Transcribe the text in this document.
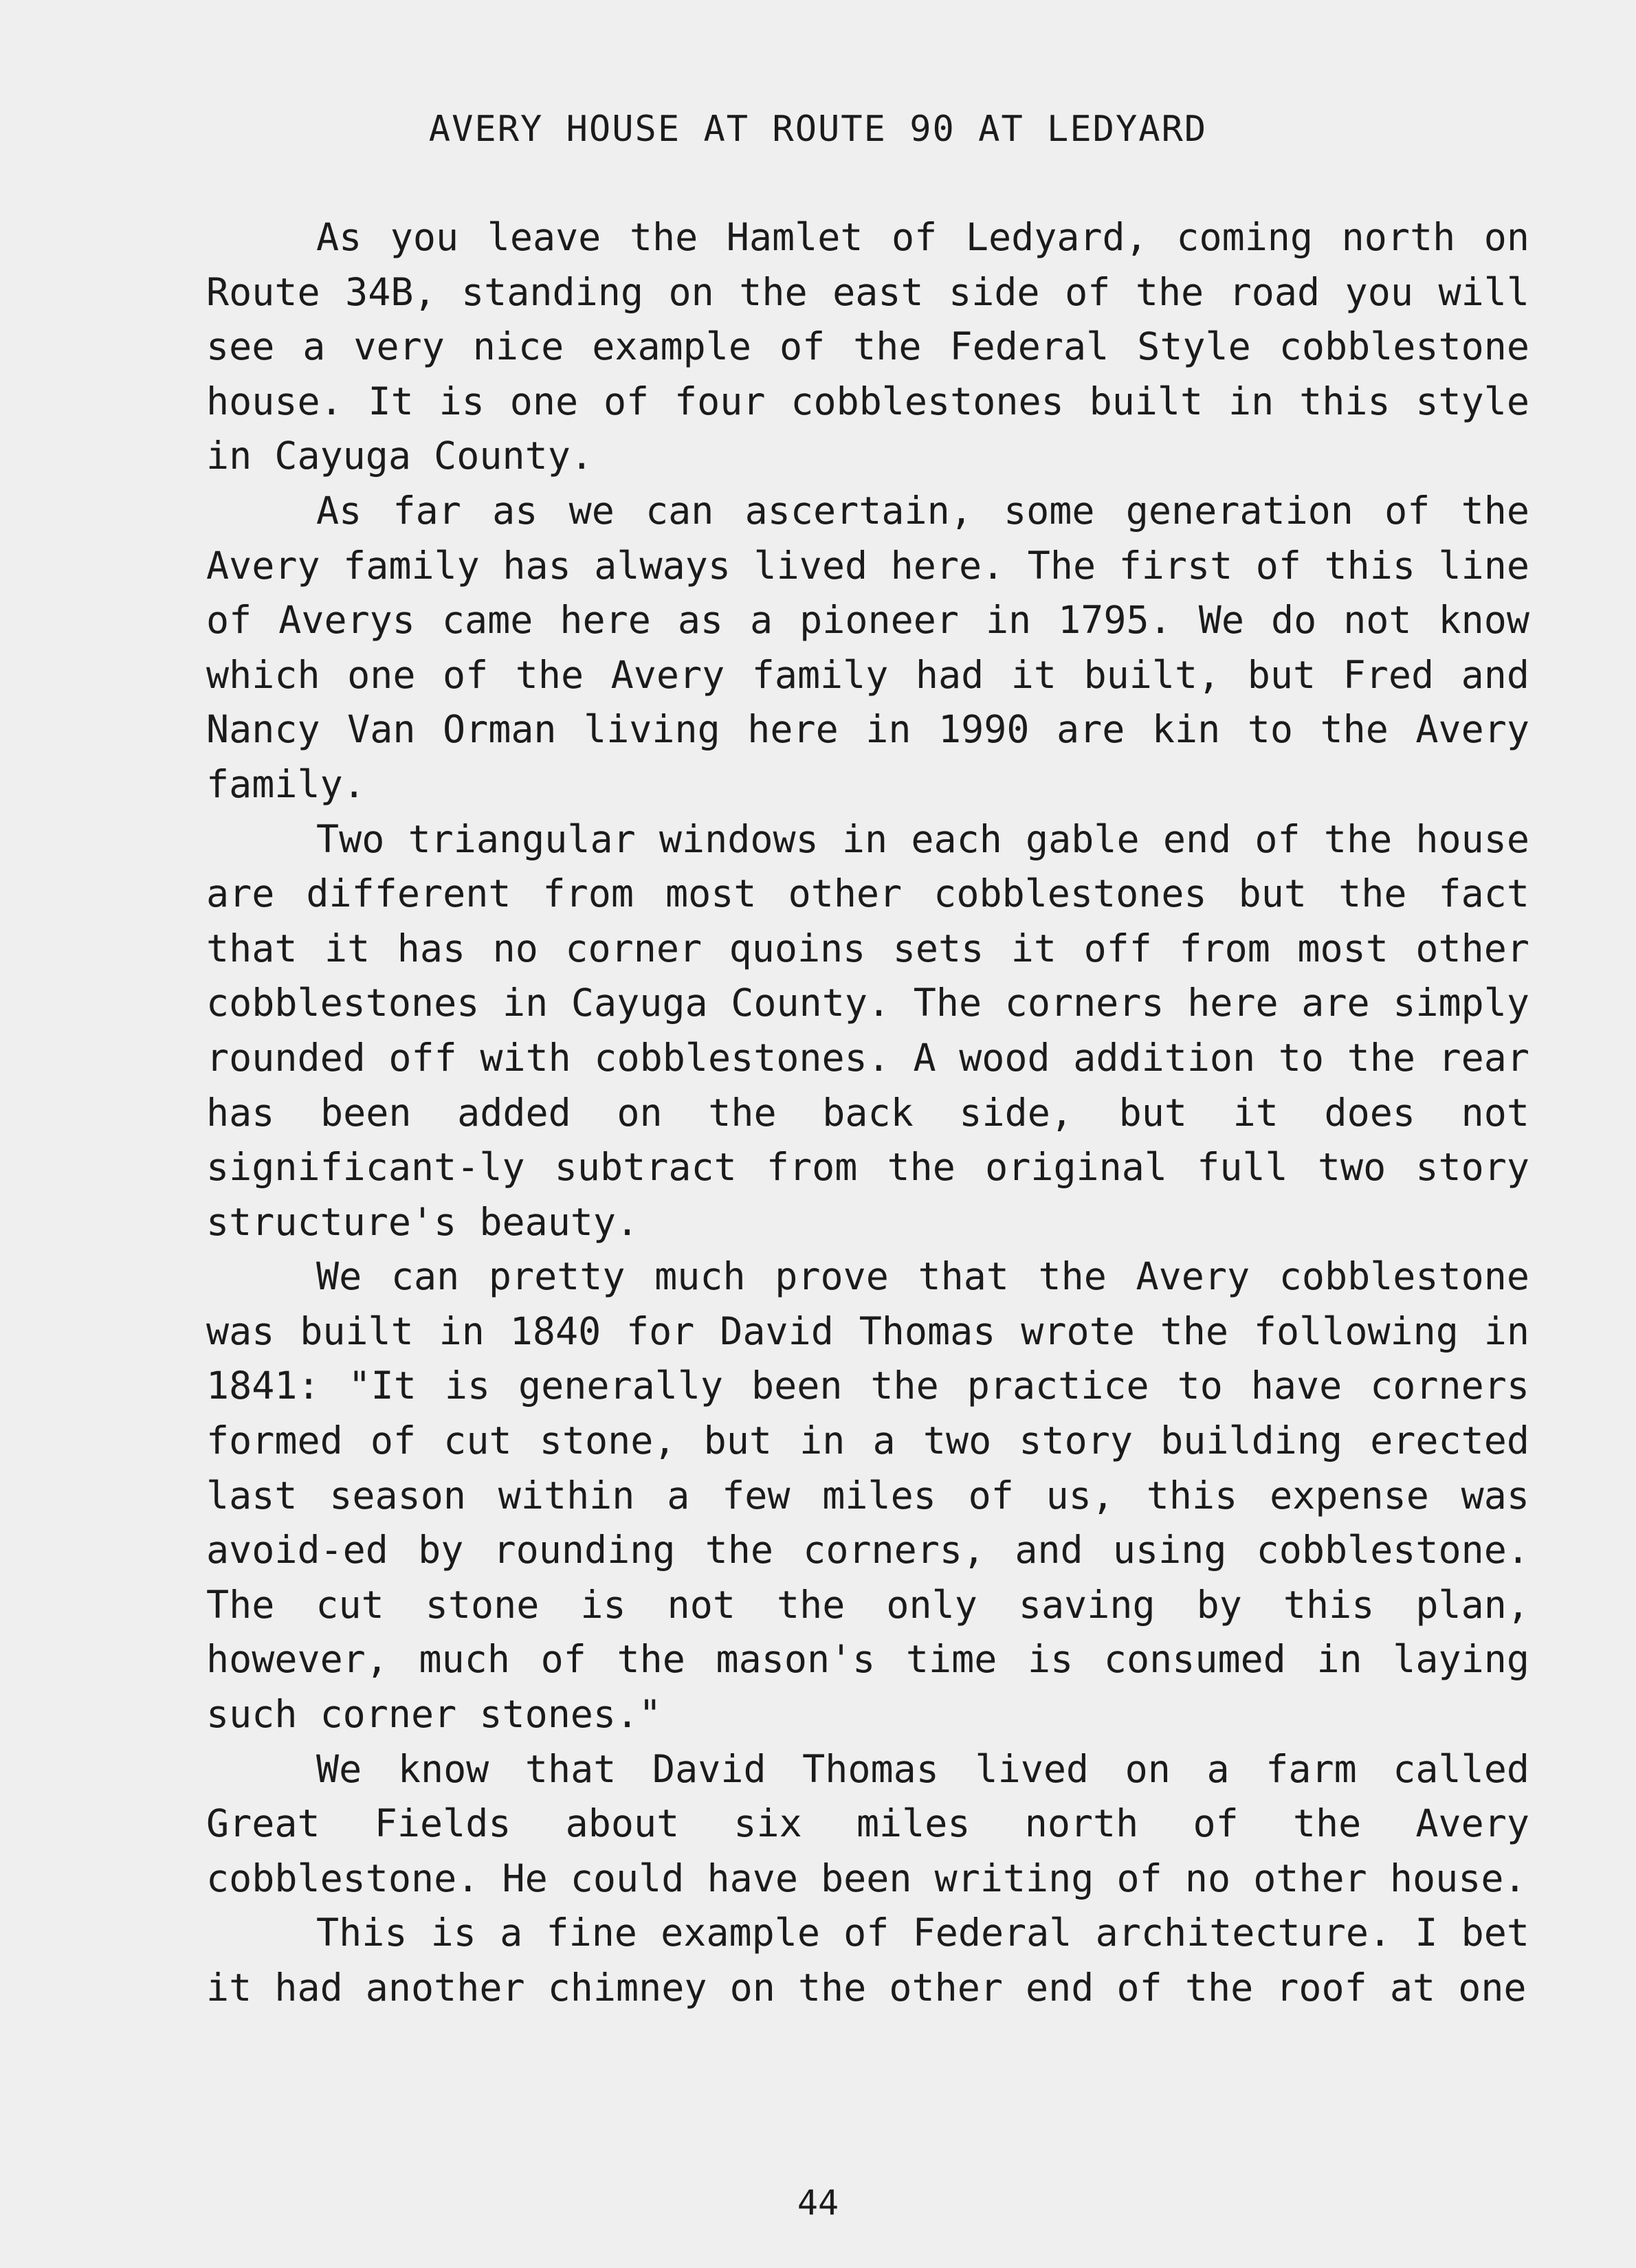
AVERY HOUSE AT ROUTE 90 AT LEDYARD

As you leave the Hamlet of Ledyard, coming north on Route 34B, standing on the east side of the road you will see a very nice example of the Federal Style cobblestone house. It is one of four cobblestones built in this style in Cayuga County.

As far as we can ascertain, some generation of the Avery family has always lived here. The first of this line of Averys came here as a pioneer in 1795. We do not know which one of the Avery family had it built, but Fred and Nancy Van Orman living here in 1990 are kin to the Avery family.

Two triangular windows in each gable end of the house are different from most other cobblestones but the fact that it has no corner quoins sets it off from most other cobblestones in Cayuga County. The corners here are simply rounded off with cobblestones. A wood addition to the rear has been added on the back side, but it does not significant-ly subtract from the original full two story structure's beauty.

We can pretty much prove that the Avery cobblestone was built in 1840 for David Thomas wrote the following in 1841: "It is generally been the practice to have corners formed of cut stone, but in a two story building erected last season within a few miles of us, this expense was avoid-ed by rounding the corners, and using cobblestone. The cut stone is not the only saving by this plan, however, much of the mason's time is consumed in laying such corner stones."

We know that David Thomas lived on a farm called Great Fields about six miles north of the Avery cobblestone. He could have been writing of no other house.

This is a fine example of Federal architecture. I bet it had another chimney on the other end of the roof at one

44
